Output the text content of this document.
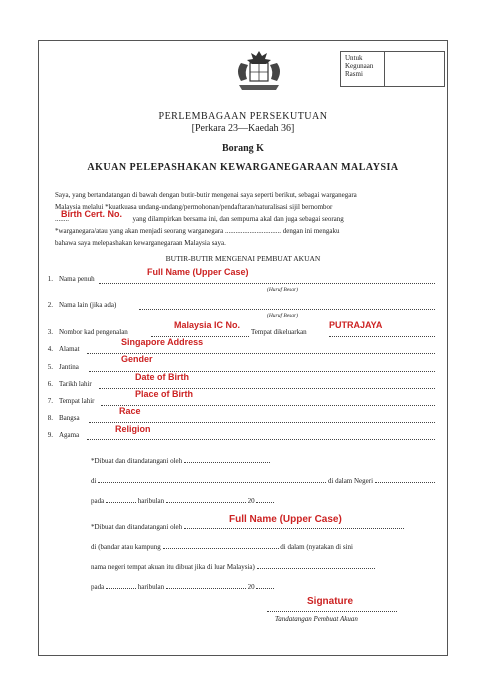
Untuk Kegunaan Rasmi
PERLEMBAGAAN PERSEKUTUAN
[Perkara 23—Kaedah 36]
Borang K
AKUAN PELEPASHAKAN KEWARGANEGARAAN MALAYSIA
Saya, yang bertandatangan di bawah dengan butir-butir mengenai saya seperti berikut, sebagai warganegara
Malaysia melalui *kuatkuasa undang-undang/permohonan/pendaftaran/naturalisasi sijil bernombor
........	yang dilampirkan bersama ini, dan sempurna akal dan juga sebagai seorang
*warganegara/atau yang akan menjadi seorang warganegara ................................ dengan ini mengaku
bahawa saya melepashakan kewarganegaraan Malaysia saya.
Birth Cert. No.
BUTIR-BUTIR MENGENAI PEMBUAT AKUAN
1. Nama penuh
(Huruf Besar)
Full Name (Upper Case)
2. Nama lain (jika ada)
(Huruf Besar)
3. Nombor kad pengenalan	Tempat dikeluarkan
Malaysia IC No.	PUTRAJAYA
4. Alamat
Singapore Address
5. Jantina
Gender
6. Tarikh lahir
Date of Birth
7. Tempat lahir
Place of Birth
8. Bangsa
Race
9. Agama
Religion
*Dibuat dan ditandatangani oleh
di	di dalam Negeri
pada	haribulan	20
*Dibuat dan ditandatangani oleh
Full Name (Upper Case)
di (bandar atau kampung	di dalam (nyatakan di sini
nama negeri tempat akuan itu dibuat jika di luar Malaysia)
pada	haribulan	20
Signature
Tandatangan Pembuat Akuan
